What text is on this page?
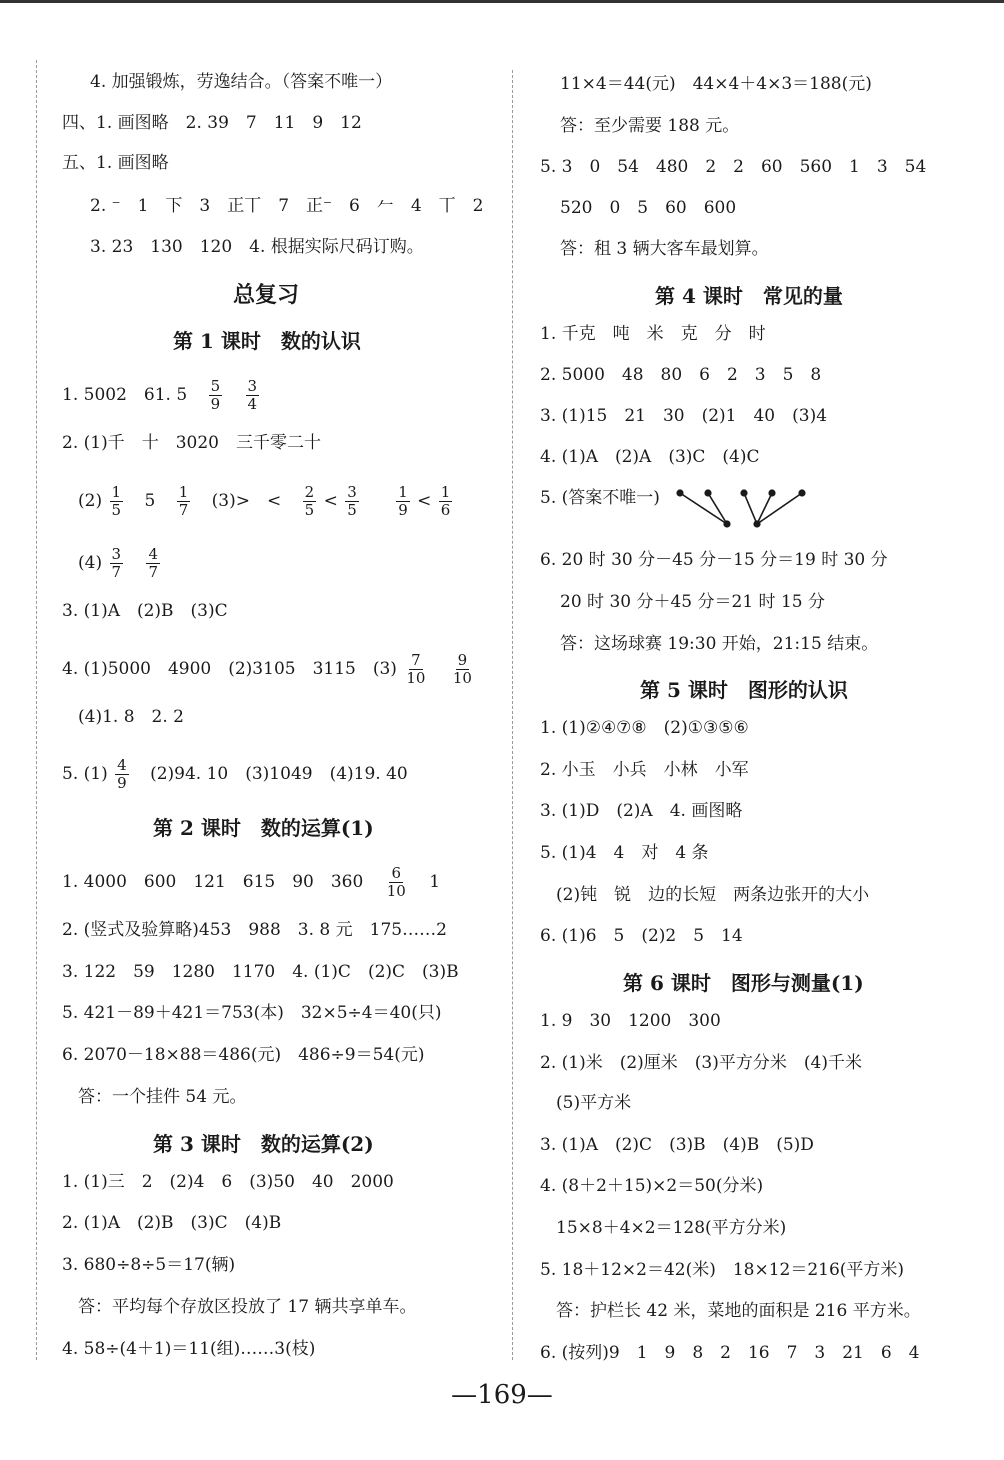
4. 加强锻炼，劳逸结合。（答案不唯一）
四、1. 画图略　2. 39　7　11　9　12
五、1. 画图略
2. ⁻　1　下　3　正丅　7　正⁻　6　𠂉　4　丅　2
3. 23　130　120　4. 根据实际尺码订购。
总复习
第 1 课时　数的认识
1. 5002　61. $5 \frac{5}{9}$
$\frac{3}{4}$
2. (1)千　十　3020　三千零二十
$(2) \frac{1}{5} 5 \frac{1}{7} (3)>$　< $\frac{2}{5} < \frac{3}{5}$
$\frac{1}{9} < \frac{1}{6}$
$(4) \frac{3}{7}$
$\frac{4}{7}$
3. (1)A　(2)B　(3)C
4. (1)5000　4900　(2)3105　3115　$(3) \frac{7}{10}$
$\frac{9}{10}$
(4)1. 8　2. 2
5. $(1) \frac{4}{9} (2)94$. 10　(3)1049　(4)19. 40
第 2 课时　数的运算(1)
1. 4000　600　121　615　90　$360 \frac{6}{10} 1$
2. (竖式及验算略)453　988　3. 8 元　175……2
3. 122　59　1280　1170　4. (1)C　(2)C　(3)B
5. 421－89＋421＝753(本)　32×5÷4＝40(只)
6. 2070－18×88＝486(元)　486÷9＝54(元)
答：一个挂件 54 元。
第 3 课时　数的运算(2)
1. (1)三　2　(2)4　6　(3)50　40　2000
2. (1)A　(2)B　(3)C　(4)B
3. 680÷8÷5＝17(辆)
答：平均每个存放区投放了 17 辆共享单车。
4. 58÷(4＋1)＝11(组)……3(枝)
11×4＝44(元)　44×4＋4×3＝188(元)
答：至少需要 188 元。
5. 3　0　54　480　2　2　60　560　1　3　54
520　0　5　60　600
答：租 3 辆大客车最划算。
第 4 课时　常见的量
1. 千克　吨　米　克　分　时
2. 5000　48　80　6　2　3　5　8
3. (1)15　21　30　(2)1　40　(3)4
4. (1)A　(2)A　(3)C　(4)C
5. (答案不唯一)
6. 20 时 30 分－45 分－15 分＝19 时 30 分
20 时 30 分＋45 分＝21 时 15 分
答：这场球赛 19:30 开始，21:15 结束。
第 5 课时　图形的认识
1. (1)②④⑦⑧　(2)①③⑤⑥
2. 小玉　小兵　小林　小军
3. (1)D　(2)A　4. 画图略
5. (1)4　4　对　4 条
(2)钝　锐　边的长短　两条边张开的大小
6. (1)6　5　(2)2　5　14
第 6 课时　图形与测量(1)
1. 9　30　1200　300
2. (1)米　(2)厘米　(3)平方分米　(4)千米
(5)平方米
3. (1)A　(2)C　(3)B　(4)B　(5)D
4. (8＋2＋15)×2＝50(分米)
15×8＋4×2＝128(平方分米)
5. 18＋12×2＝42(米)　18×12＝216(平方米)
答：护栏长 42 米，菜地的面积是 216 平方米。
6. (按列)9　1　9　8　2　16　7　3　21　6　4
—169—
